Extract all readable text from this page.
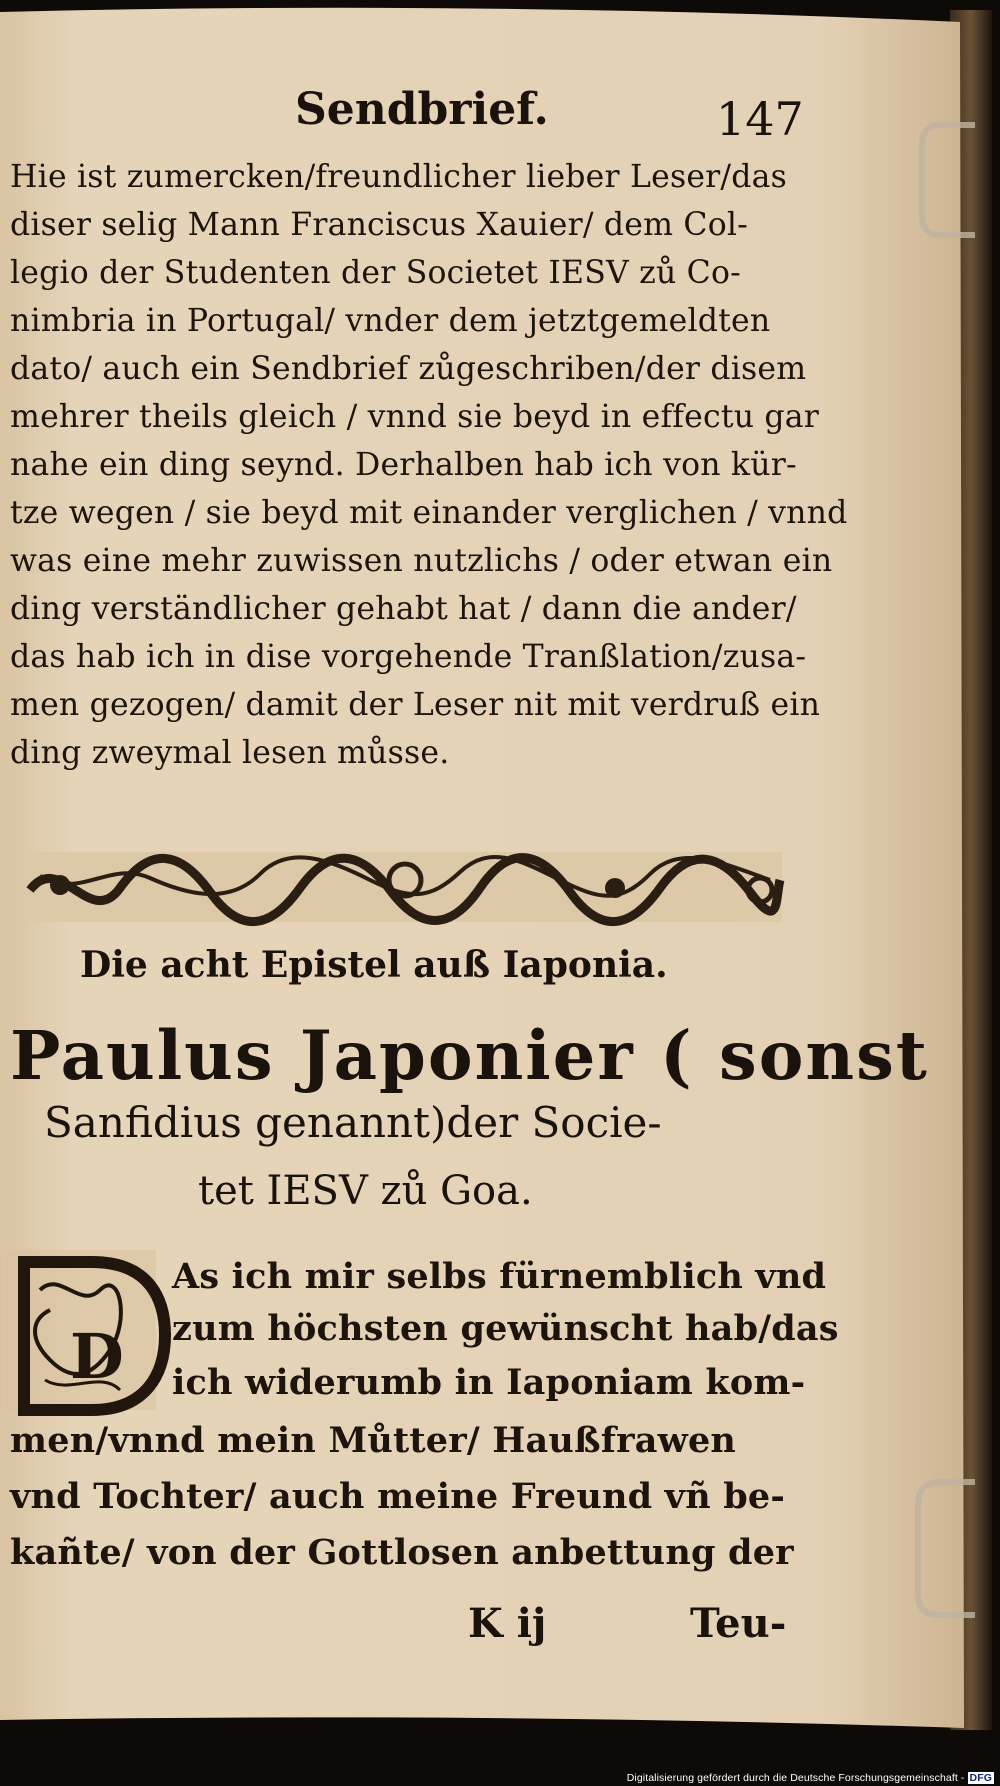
D
Sendbrief.	147
Hie ist zumercken/freundlicher lieber Leser/das
diser selig Mann Franciscus Xauier/ dem Col-
legio der Studenten der Societet IESV zů Co-
nimbria in Portugal/ vnder dem jetztgemeldten
dato/ auch ein Sendbrief zůgeschriben/der disem
mehrer theils gleich / vnnd sie beyd in effectu gar
nahe ein ding seynd. Derhalben hab ich von kür-
tze wegen / sie beyd mit einander verglichen / vnnd
was eine mehr zuwissen nutzlichs / oder etwan ein
ding verständlicher gehabt hat / dann die ander/
das hab ich in dise vorgehende Tranßlation/zusa-
men gezogen/ damit der Leser nit mit verdruß ein
ding zweymal lesen můsse.
Die acht Epistel auß Iaponia.
Paulus Japonier ( sonst
Sanfidius genannt)der Socie-
tet IESV zů Goa.
As ich mir selbs fürnemblich vnd
zum höchsten gewünscht hab/das
ich widerumb in Iaponiam kom-
men/vnnd mein Můtter/ Haußfrawen
vnd Tochter/ auch meine Freund vñ be-
kañte/ von der Gottlosen anbettung der
K ij	Teu-
Digitalisierung gefördert durch die Deutsche Forschungsgemeinschaft - DFG
